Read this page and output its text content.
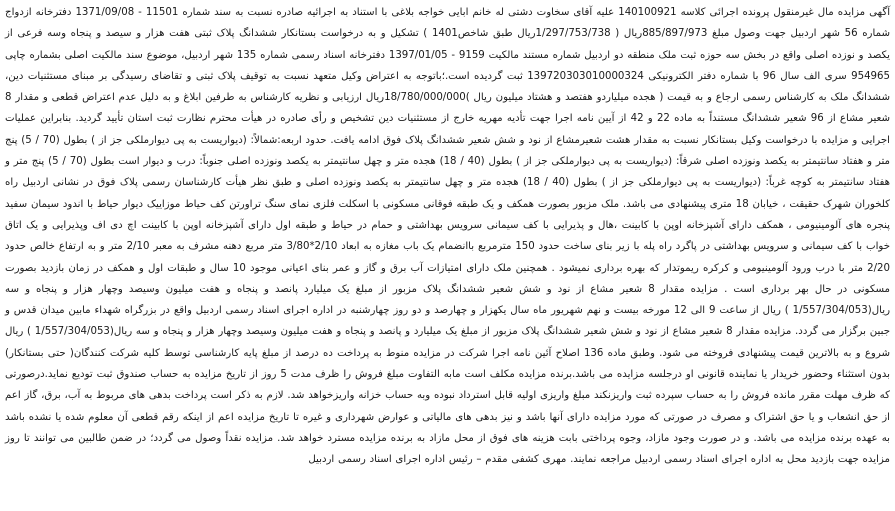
آگهی مزایده مال غیرمنقول پرونده اجرائی کلاسه 140100921 علیه آقای سخاوت دشتی له خانم ابایی خواجه بلاغی با استناد به اجرائیه صادره نسبت به سند شماره 11501 - 1371/09/08 دفترخانه ازدواج شماره 56 شهر اردبیل جهت وصول مبلغ 885/897/973ریال ( 1/297/753/738ریال طبق شاخص1401 ) تشکیل و به درخواست بستانکار ششدانگ پلاک ثبتی هفت هزار و سیصد و پنجاه وسه فرعی از یکصد و نوزده اصلی واقع در بخش سه حوزه ثبت ملک منطقه دو اردبیل شماره مستند مالکیت 9159 - 1397/01/05 دفترخانه اسناد رسمی شماره 135 شهر اردبیل، موضوع سند مالکیت اصلی بشماره چاپی 954965 سری الف سال 96 با شماره دفتر الکترونیکی 139720303010000324 ثبت گردیده است.؛باتوجه به اعتراض وکیل متعهد نسبت به توقیف پلاک ثبتی و تقاضای رسیدگی بر مبنای مستثنیات دین، ششدانگ ملک به کارشناس رسمی ارجاع و به قیمت ( هجده میلیاردو هفتصد و هشتاد میلیون ریال )18/780/000/000ریال ارزیابی و نظریه کارشناس به طرفین ابلاغ و به دلیل عدم اعتراض قطعی و مقدار 8 شعیر مشاع از 96 شعیر ششدانگ مستنداً به ماده 22 و 42 از آیین نامه اجرا جهت تأدیه مهریه خارج از مستثنیات دین تشخیص و رأی صادره در هیأت محترم نظارت ثبت استان تأیید گردید. بنابراین عملیات اجرایی و مزایده با درخواست وکیل بستانکار نسبت به مقدار هشت شعیرمشاع از نود و شش شعیر ششدانگ پلاک فوق ادامه یافت. حدود اربعه:شمالاً: (دیواریست به پی دیوارملکی جز از ) بطول (70 / 5) پنج متر و هفتاد سانتیمتر به یکصد ونوزده اصلی شرقاً: (دیواریست به پی دیوارملکی جز از ) بطول (40 / 18) هجده متر و چهل سانتیمتر به یکصد ونوزده اصلی جنوباً: درب و دیوار است بطول (70 / 5) پنج متر و هفتاد سانتیمتر به کوچه غرباً: (دیواریست به پی دیوارملکی جز از ) بطول (40 / 18) هجده متر و چهل سانتیمتر به یکصد ونوزده اصلی و طبق نظر هیأت کارشناسان رسمی پلاک فوق در نشانی اردبیل راه کلخوران شهرک حقیقت ، خیابان 18 متری پیشنهادی می باشد. ملک مزبور بصورت همکف و یک طبقه فوقانی مسکونی با اسکلت فلزی نمای سنگ تراورتن کف حیاط موزاییک دیوار حیاط با اندود سیمان سفید پنجره های آلومینیومی ، همکف دارای آشپزخانه اوپن با کابینت ،هال و پذیرایی با کف سیمانی سرویس بهداشتی و حمام در حیاط و طبقه اول دارای آشپزخانه اوپن با کابینت اچ دی اف وپذیرایی و یک اتاق خواب با کف سیمانی و سرویس بهداشتی در پاگرد راه پله با زیر بنای ساخت حدود 150 مترمربع باانضمام یک باب مغازه به ابعاد 2/10*3/80 متر مربع دهنه مشرف به معبر 2/10 متر و به ارتفاع خالص حدود 2/20 متر با درب ورود آلومینیومی و کرکره ریموتدار که بهره برداری نمیشود . همچنین ملک دارای امتیازات آب برق و گاز و عمر بنای اعیانی موجود 10 سال و طبقات اول و همکف در زمان بازدید بصورت مسکونی در حال بهر برداری است . مزایده مقدار 8 شعیر مشاع از نود و شش شعیر ششدانگ پلاک مزبور از مبلغ یک میلیارد پانصد و پنجاه و هفت میلیون وسیصد وچهار هزار و پنجاه و سه ریال(1/557/304/053 ) ریال از ساعت 9 الی 12 مورخه بیست و نهم شهریور ماه سال یکهزار و چهارصد و دو روز چهارشنبه در اداره اجرای اسناد رسمی اردبیل واقع در بزرگراه شهداء مابین میدان قدس و جبین برگزار می گردد. مزایده مقدار 8 شعیر مشاع از نود و شش شعیر ششدانگ پلاک مزبور از مبلغ یک میلیارد و پانصد و پنجاه و هفت میلیون وسیصد وچهار هزار و پنجاه و سه ریال(1/557/304/053 ) ریال شروع و به بالاترین قیمت پیشنهادی فروخته می شود. وطبق ماده 136 اصلاح آئین نامه اجرا شرکت در مزایده منوط به پرداخت ده درصد از مبلغ پایه کارشناسی توسط کلیه شرکت کنندگان( حتی بستانکار) بدون استثناء وحضور خریدار یا نماینده قانونی او درجلسه مزایده می باشد.برنده مزایده مکلف است مابه التفاوت مبلغ فروش را ظرف مدت 5 روز از تاریخ مزایده به حساب صندوق ثبت تودیع نماید.درصورتی که ظرف مهلت مقرر مانده فروش را به حساب سپرده ثبت واریزنکند مبلغ واریزی اولیه قابل استرداد نبوده وبه حساب خزانه واریزخواهد شد. لازم به ذکر است پرداخت بدهی های مربوط به آب، برق، گاز اعم از حق انشعاب و یا حق اشتراک و مصرف در صورتی که مورد مزایده دارای آنها باشد و نیز بدهی های مالیاتی و عوارض شهرداری و غیره تا تاریخ مزایده اعم از اینکه رقم قطعی آن معلوم شده یا نشده باشد به عهده برنده مزایده می باشد. و در صورت وجود مازاد، وجوه پرداختی بابت هزینه های فوق از محل مازاد به برنده مزایده مسترد خواهد شد. مزایده نقداً وصول می گردد؛ در ضمن طالبین می توانند تا روز مزایده جهت بازدید محل به اداره اجرای اسناد رسمی اردبیل مراجعه نمایند. مهری کشفی مقدم – رئیس اداره اجرای اسناد رسمی اردبیل
